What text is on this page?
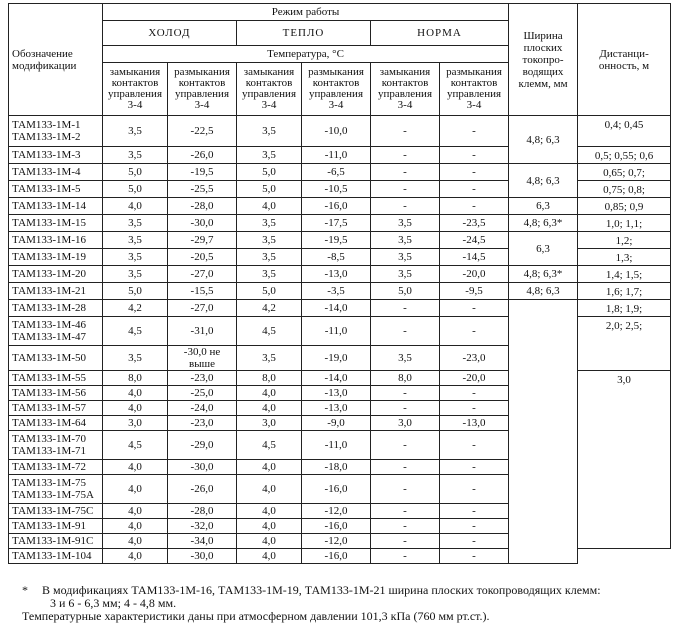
Обозначение
модификации	Режим работы						Ширина
плоских
токопро-
водящих
клемм, мм	Дистанци-
онность, м
	ХОЛОД		ТЕПЛО		НОРМА			
	Температура, °C							
	замыкания
контактов
управления
3-4	размыкания
контактов
управления
3-4	замыкания
контактов
управления
3-4	размыкания
контактов
управления
3-4	замыкания
контактов
управления
3-4	размыкания
контактов
управления
3-4		

ТАМ133-1М-1
ТАМ133-1М-2	3,5	-22,5	3,5	-10,0	-	-	4,8; 6,3	0,4; 0,45

ТАМ133-1М-3	3,5	-26,0	3,5	-11,0	-	-		0,5; 0,55; 0,6

ТАМ133-1М-4	5,0	-19,5	5,0	-6,5	-	-	4,8; 6,3	0,65; 0,7;

ТАМ133-1М-5	5,0	-25,5	5,0	-10,5	-	-		0,75; 0,8;

ТАМ133-1М-14	4,0	-28,0	4,0	-16,0	-	-	6,3	0,85; 0,9

ТАМ133-1М-15	3,5	-30,0	3,5	-17,5	3,5	-23,5	4,8; 6,3*	1,0; 1,1;

ТАМ133-1М-16	3,5	-29,7	3,5	-19,5	3,5	-24,5	6,3	1,2;

ТАМ133-1М-19	3,5	-20,5	3,5	-8,5	3,5	-14,5		1,3;

ТАМ133-1М-20	3,5	-27,0	3,5	-13,0	3,5	-20,0	4,8; 6,3*	1,4; 1,5;

ТАМ133-1М-21	5,0	-15,5	5,0	-3,5	5,0	-9,5	4,8; 6,3	1,6; 1,7;

ТАМ133-1М-28	4,2	-27,0	4,2	-14,0	-	-		1,8; 1,9;

ТАМ133-1М-46
ТАМ133-1М-47	4,5	-31,0	4,5	-11,0	-	-		2,0; 2,5;

ТАМ133-1М-50	3,5	-30,0 не выше	3,5	-19,0	3,5	-23,0		

ТАМ133-1М-55	8,0	-23,0	8,0	-14,0	8,0	-20,0		3,0

ТАМ133-1М-56	4,0	-25,0	4,0	-13,0	-	-		

ТАМ133-1М-57	4,0	-24,0	4,0	-13,0	-	-		

ТАМ133-1М-64	3,0	-23,0	3,0	-9,0	3,0	-13,0		

ТАМ133-1М-70
ТАМ133-1М-71	4,5	-29,0	4,5	-11,0	-	-		

ТАМ133-1М-72	4,0	-30,0	4,0	-18,0	-	-		

ТАМ133-1М-75
ТАМ133-1М-75А	4,0	-26,0	4,0	-16,0	-	-		

ТАМ133-1М-75С	4,0	-28,0	4,0	-12,0	-	-		

ТАМ133-1М-91	4,0	-32,0	4,0	-16,0	-	-		

ТАМ133-1М-91С	4,0	-34,0	4,0	-12,0	-	-		

ТАМ133-1М-104	4,0	-30,0	4,0	-16,0	-	-		
* В модификациях ТАМ133-1М-16, ТАМ133-1М-19, ТАМ133-1М-21 ширина плоских токопроводящих клемм:
3 и 6 - 6,3 мм; 4 - 4,8 мм.
Температурные характеристики даны при атмосферном давлении 101,3 кПа (760 мм рт.ст.).
